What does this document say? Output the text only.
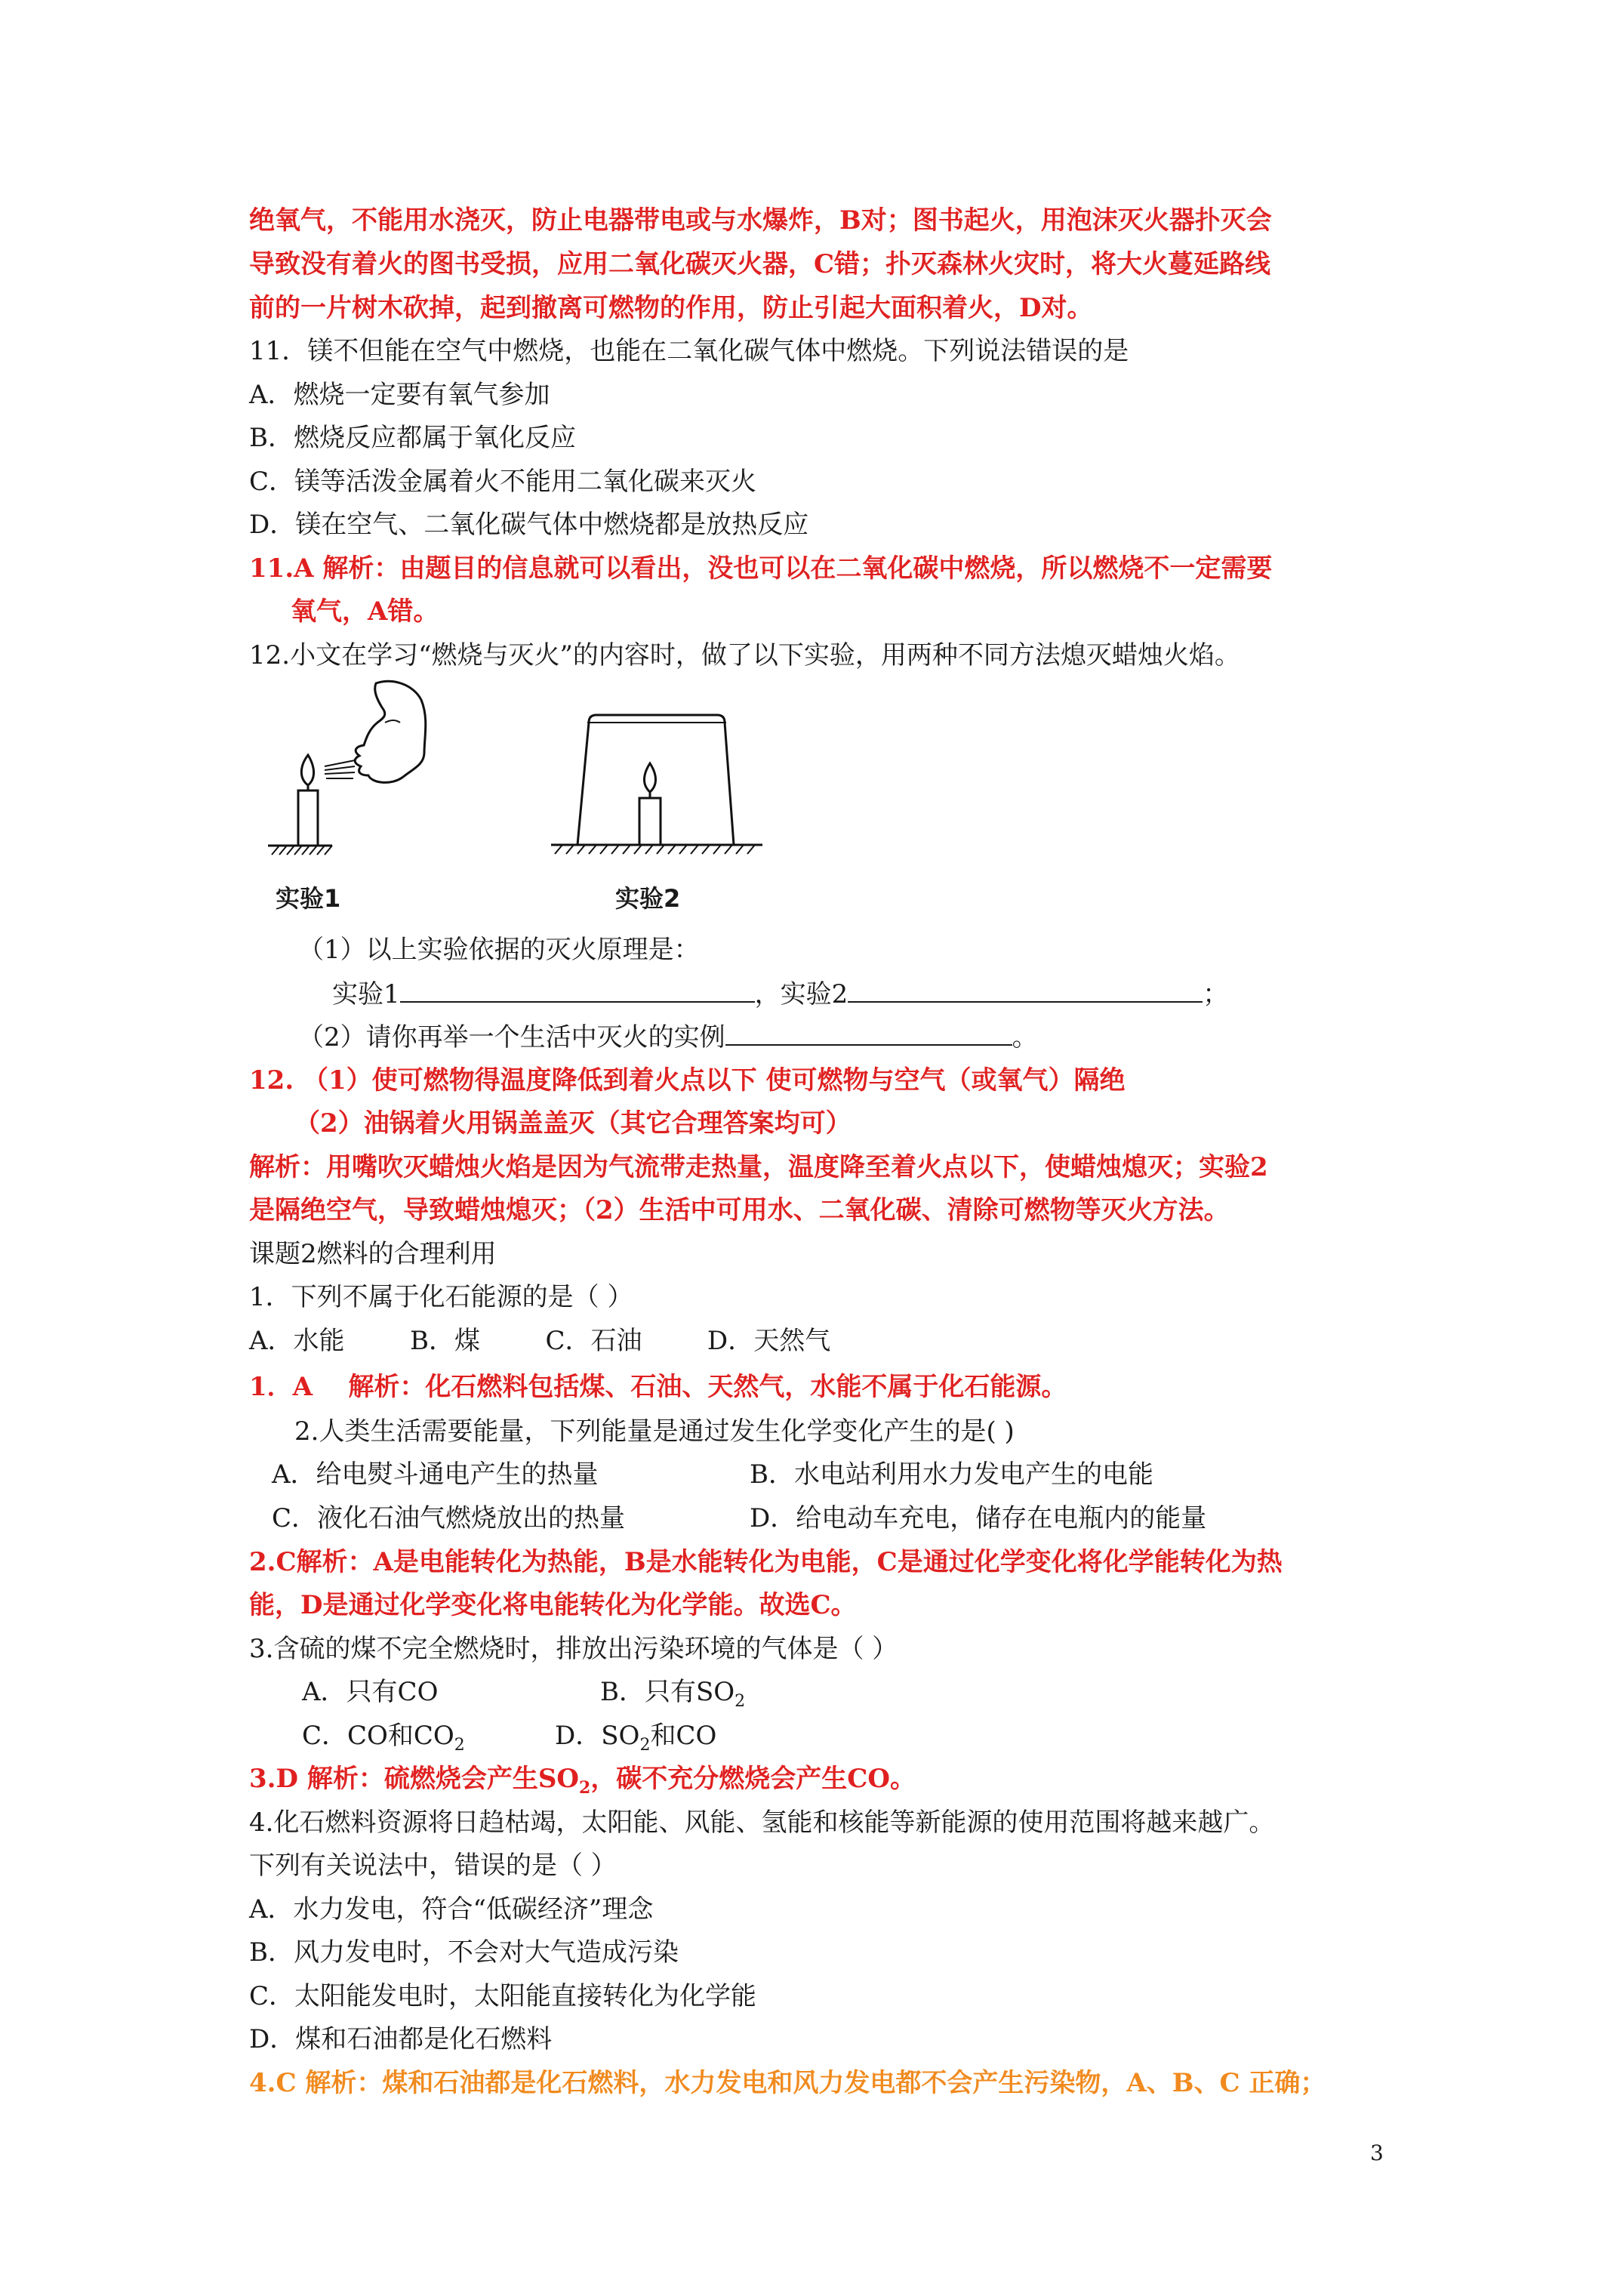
绝氧气，不能用水浇灭，防止电器带电或与水爆炸，B对；图书起火，用泡沫灭火器扑灭会
导致没有着火的图书受损，应用二氧化碳灭火器，C错；扑灭森林火灾时，将大火蔓延路线
前的一片树木砍掉，起到撤离可燃物的作用，防止引起大面积着火，D对。
11．镁不但能在空气中燃烧，也能在二氧化碳气体中燃烧。下列说法错误的是
A．燃烧一定要有氧气参加
B．燃烧反应都属于氧化反应
C．镁等活泼金属着火不能用二氧化碳来灭火
D．镁在空气、二氧化碳气体中燃烧都是放热反应
11.A 解析：由题目的信息就可以看出，没也可以在二氧化碳中燃烧，所以燃烧不一定需要
氧气，A错。
12.小文在学习“燃烧与灭火”的内容时，做了以下实验，用两种不同方法熄灭蜡烛火焰。
实验1	实验2
（1）以上实验依据的灭火原理是：
实验1	，实验2	；
（2）请你再举一个生活中灭火的实例	。
12. （1）使可燃物得温度降低到着火点以下 使可燃物与空气（或氧气）隔绝
（2）油锅着火用锅盖盖灭（其它合理答案均可）
解析：用嘴吹灭蜡烛火焰是因为气流带走热量，温度降至着火点以下，使蜡烛熄灭；实验2
是隔绝空气，导致蜡烛熄灭；（2）生活中可用水、二氧化碳、清除可燃物等灭火方法。
课题2燃料的合理利用
1．下列不属于化石能源的是（ ）
A．水能        B．煤        C．石油        D．天然气
1．A    解析：化石燃料包括煤、石油、天然气，水能不属于化石能源。
2.人类生活需要能量，下列能量是通过发生化学变化产生的是( )
A．给电熨斗通电产生的热量	B．水电站利用水力发电产生的电能
C．液化石油气燃烧放出的热量	D．给电动车充电，储存在电瓶内的能量
2.C解析：A是电能转化为热能，B是水能转化为电能，C是通过化学变化将化学能转化为热
能，D是通过化学变化将电能转化为化学能。故选C。
3.含硫的煤不完全燃烧时，排放出污染环境的气体是（ ）
A．只有CO	B．只有$SO_2$
C．CO和$CO_2$	D．$SO_2$和CO
3.D 解析：硫燃烧会产生$SO_2$，碳不充分燃烧会产生CO。
4.化石燃料资源将日趋枯竭，太阳能、风能、氢能和核能等新能源的使用范围将越来越广。
下列有关说法中，错误的是（ ）
A．水力发电，符合“低碳经济”理念
B．风力发电时，不会对大气造成污染
C．太阳能发电时，太阳能直接转化为化学能
D．煤和石油都是化石燃料
4.C 解析：煤和石油都是化石燃料，水力发电和风力发电都不会产生污染物，A、B、C 正确；
3
